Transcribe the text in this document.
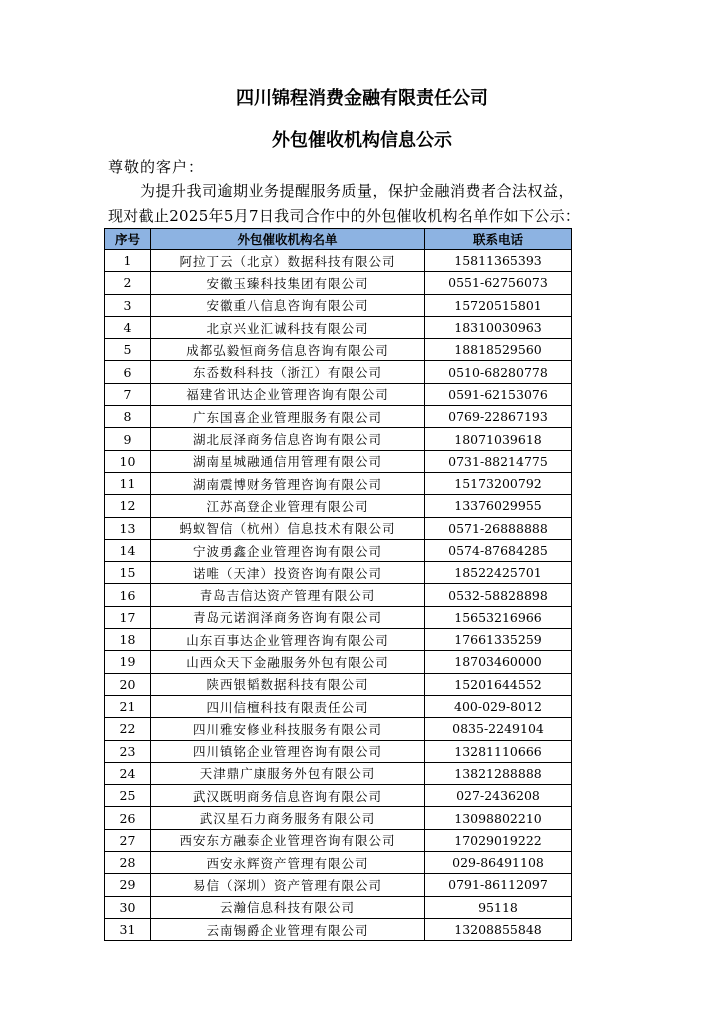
四川锦程消费金融有限责任公司
外包催收机构信息公示
尊敬的客户：
为提升我司逾期业务提醒服务质量，保护金融消费者合法权益，
现对截止2025年5月7日我司合作中的外包催收机构名单作如下公示：
序号	外包催收机构名单	联系电话
1	阿拉丁云（北京）数据科技有限公司	15811365393
2	安徽玉臻科技集团有限公司	0551-62756073
3	安徽重八信息咨询有限公司	15720515801
4	北京兴业汇诚科技有限公司	18310030963
5	成都弘毅恒商务信息咨询有限公司	18818529560
6	东岙数科科技（浙江）有限公司	0510-68280778
7	福建省讯达企业管理咨询有限公司	0591-62153076
8	广东国喜企业管理服务有限公司	0769-22867193
9	湖北辰泽商务信息咨询有限公司	18071039618
10	湖南星城融通信用管理有限公司	0731-88214775
11	湖南震博财务管理咨询有限公司	15173200792
12	江苏高登企业管理有限公司	13376029955
13	蚂蚁智信（杭州）信息技术有限公司	0571-26888888
14	宁波勇鑫企业管理咨询有限公司	0574-87684285
15	诺唯（天津）投资咨询有限公司	18522425701
16	青岛吉信达资产管理有限公司	0532-58828898
17	青岛元诺润泽商务咨询有限公司	15653216966
18	山东百事达企业管理咨询有限公司	17661335259
19	山西众天下金融服务外包有限公司	18703460000
20	陕西银韬数据科技有限公司	15201644552
21	四川信檀科技有限责任公司	400-029-8012
22	四川雅安修业科技服务有限公司	0835-2249104
23	四川镇铭企业管理咨询有限公司	13281110666
24	天津鼎广康服务外包有限公司	13821288888
25	武汉既明商务信息咨询有限公司	027-2436208
26	武汉星石力商务服务有限公司	13098802210
27	西安东方融泰企业管理咨询有限公司	17029019222
28	西安永辉资产管理有限公司	029-86491108
29	易信（深圳）资产管理有限公司	0791-86112097
30	云瀚信息科技有限公司	95118
31	云南锡爵企业管理有限公司	13208855848
